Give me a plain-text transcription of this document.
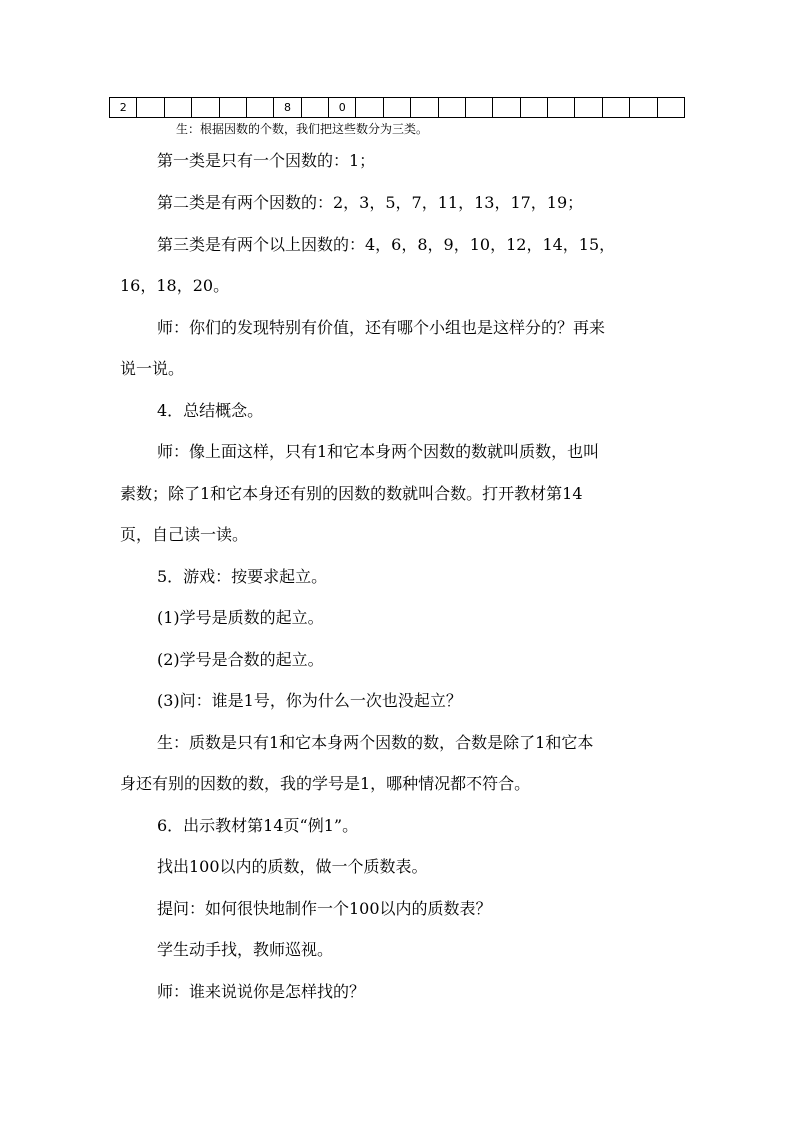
2						8		0												
生：根据因数的个数，我们把这些数分为三类。
第一类是只有一个因数的：1；
第二类是有两个因数的：2，3，5，7，11，13，17，19；
第三类是有两个以上因数的：4，6，8，9，10，12，14，15，
16，18，20。
师：你们的发现特别有价值，还有哪个小组也是这样分的？再来
说一说。
4．总结概念。
师：像上面这样，只有1和它本身两个因数的数就叫质数，也叫
素数；除了1和它本身还有别的因数的数就叫合数。打开教材第14
页，自己读一读。
5．游戏：按要求起立。
(1)学号是质数的起立。
(2)学号是合数的起立。
(3)问：谁是1号，你为什么一次也没起立？
生：质数是只有1和它本身两个因数的数，合数是除了1和它本
身还有别的因数的数，我的学号是1，哪种情况都不符合。
6．出示教材第14页“例1”。
找出100以内的质数，做一个质数表。
提问：如何很快地制作一个100以内的质数表？
学生动手找，教师巡视。
师：谁来说说你是怎样找的？
